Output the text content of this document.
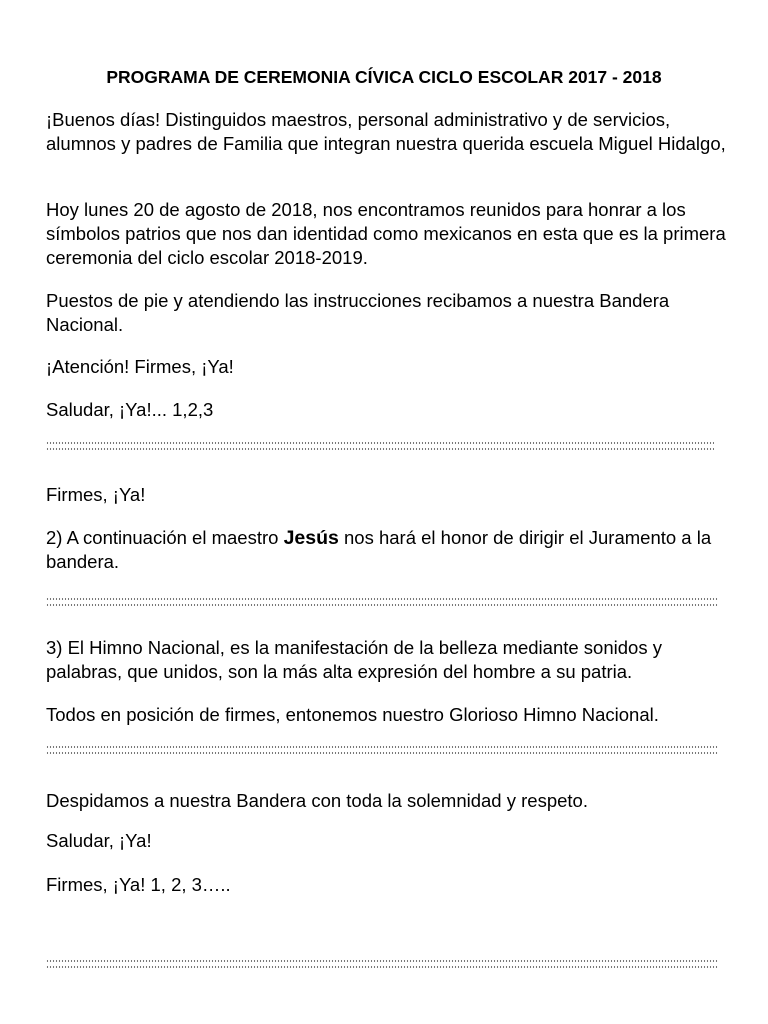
PROGRAMA DE CEREMONIA CÍVICA CICLO ESCOLAR 2017 - 2018

¡Buenos días! Distinguidos maestros, personal administrativo y de servicios, alumnos y padres de Familia que integran nuestra querida escuela Miguel Hidalgo,

Hoy lunes 20 de agosto de 2018, nos encontramos reunidos para honrar a los símbolos patrios que nos dan identidad como mexicanos en esta que es la primera ceremonia del ciclo escolar 2018-2019.

Puestos de pie y atendiendo las instrucciones recibamos a nuestra Bandera Nacional.

¡Atención! Firmes, ¡Ya!

Saludar, ¡Ya!... 1,2,3

Firmes, ¡Ya!

2) A continuación el maestro Jesús nos hará el honor de dirigir el Juramento a la bandera.

3) El Himno Nacional, es la manifestación de la belleza mediante sonidos y palabras, que unidos, son la más alta expresión del hombre a su patria.

Todos en posición de firmes, entonemos nuestro Glorioso Himno Nacional.

Despidamos a nuestra Bandera con toda la solemnidad y respeto.

Saludar, ¡Ya!

Firmes, ¡Ya! 1, 2, 3…..
